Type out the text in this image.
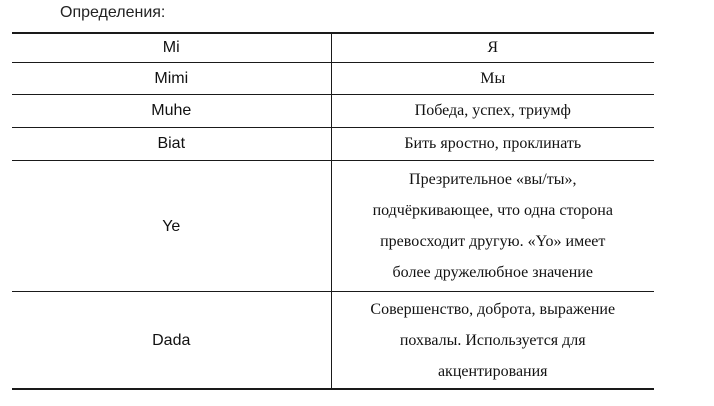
Определения:
Mi	Я

Mimi	Мы

Muhe	Победа, успех, триумф

Biat	Бить яростно, проклинать

Ye	Презрительное «вы/ты»,
подчёркивающее, что одна сторона
превосходит другую. «Yo» имеет
более дружелюбное значение

Dada	Совершенство, доброта, выражение
похвалы. Используется для
акцентирования
